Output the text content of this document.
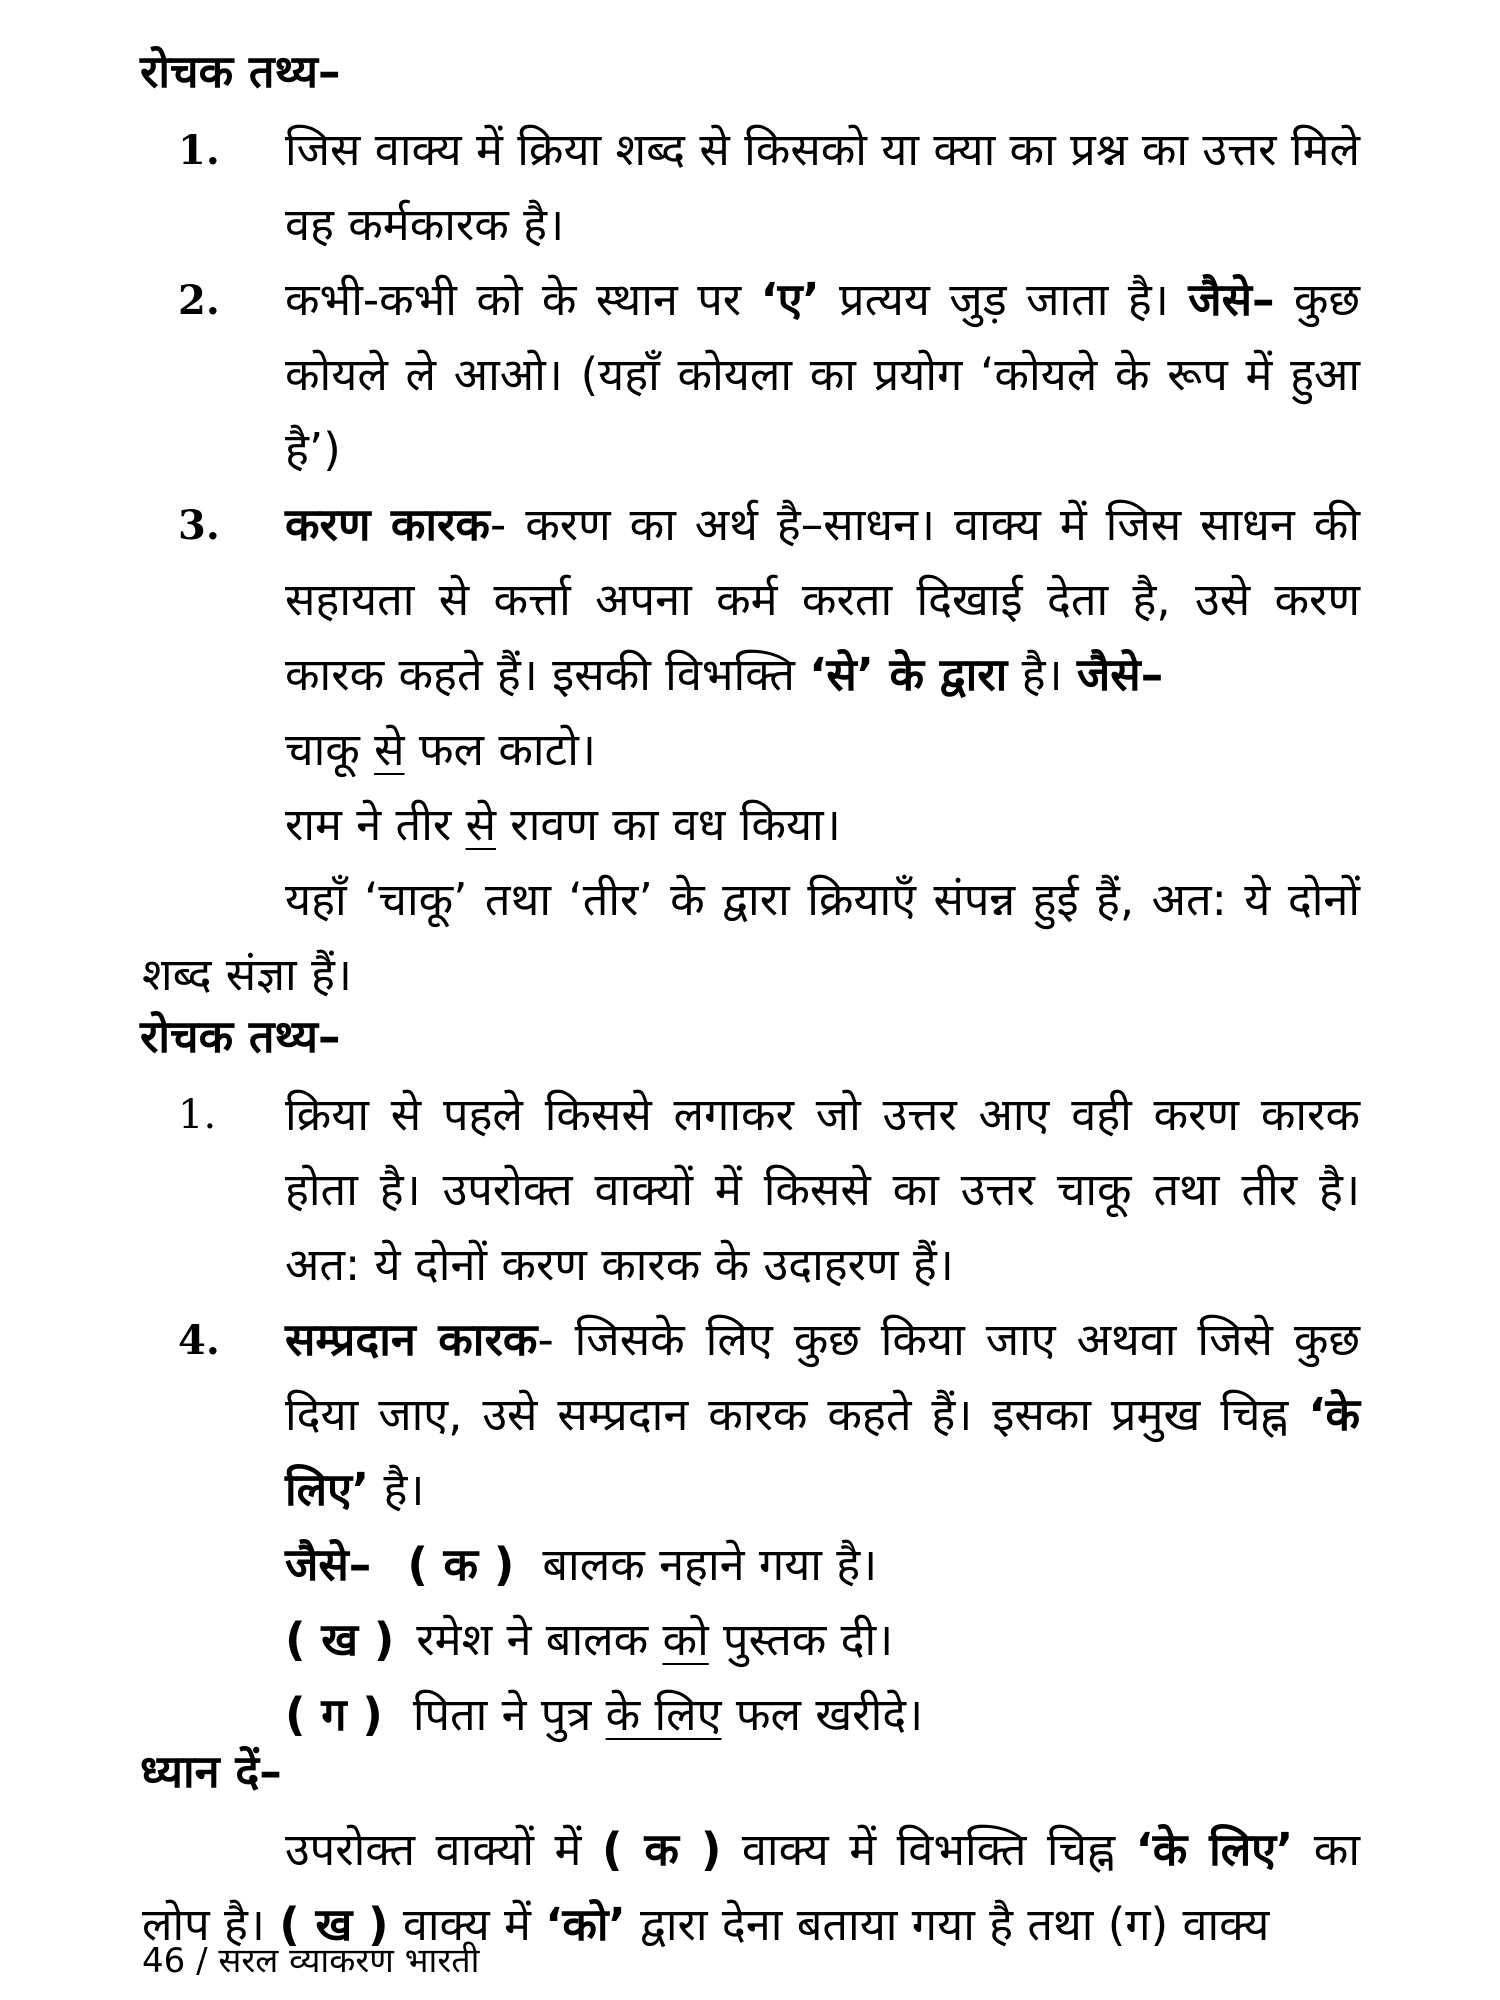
रोचक तथ्य–
1. जिस वाक्य में क्रिया शब्द से किसको या क्या का प्रश्न का उत्तर मिले वह कर्मकारक है।

2. कभी-कभी को के स्थान पर ‘ए’ प्रत्यय जुड़ जाता है। जैसे– कुछ कोयले ले आओ। (यहाँ कोयला का प्रयोग ‘कोयले के रूप में हुआ है’)

3. करण कारक- करण का अर्थ है–साधन। वाक्य में जिस साधन की सहायता से कर्त्ता अपना कर्म करता दिखाई देता है, उसे करण कारक कहते हैं। इसकी विभक्ति ‘से’ के द्वारा है। जैसे–

चाकू से फल काटो।

राम ने तीर से रावण का वध किया।

यहाँ ‘चाकू’ तथा ‘तीर’ के द्वारा क्रियाएँ संपन्न हुई हैं, अत: ये दोनों शब्द संज्ञा हैं।

रोचक तथ्य–
1. क्रिया से पहले किससे लगाकर जो उत्तर आए वही करण कारक होता है। उपरोक्त वाक्यों में किससे का उत्तर चाकू तथा तीर है। अत: ये दोनों करण कारक के उदाहरण हैं।

4. सम्प्रदान कारक- जिसके लिए कुछ किया जाए अथवा जिसे कुछ दिया जाए, उसे सम्प्रदान कारक कहते हैं। इसका प्रमुख चिह्न ‘के लिए’ है।

जैसे– ( क ) बालक नहाने गया है।

( ख ) रमेश ने बालक को पुस्तक दी।

( ग ) पिता ने पुत्र के लिए फल खरीदे।

ध्यान दें–

उपरोक्त वाक्यों में ( क ) वाक्य में विभक्ति चिह्न ‘के लिए’ का लोप है। ( ख ) वाक्य में ‘को’ द्वारा देना बताया गया है तथा (ग) वाक्य

46 / सरल व्याकरण भारती
